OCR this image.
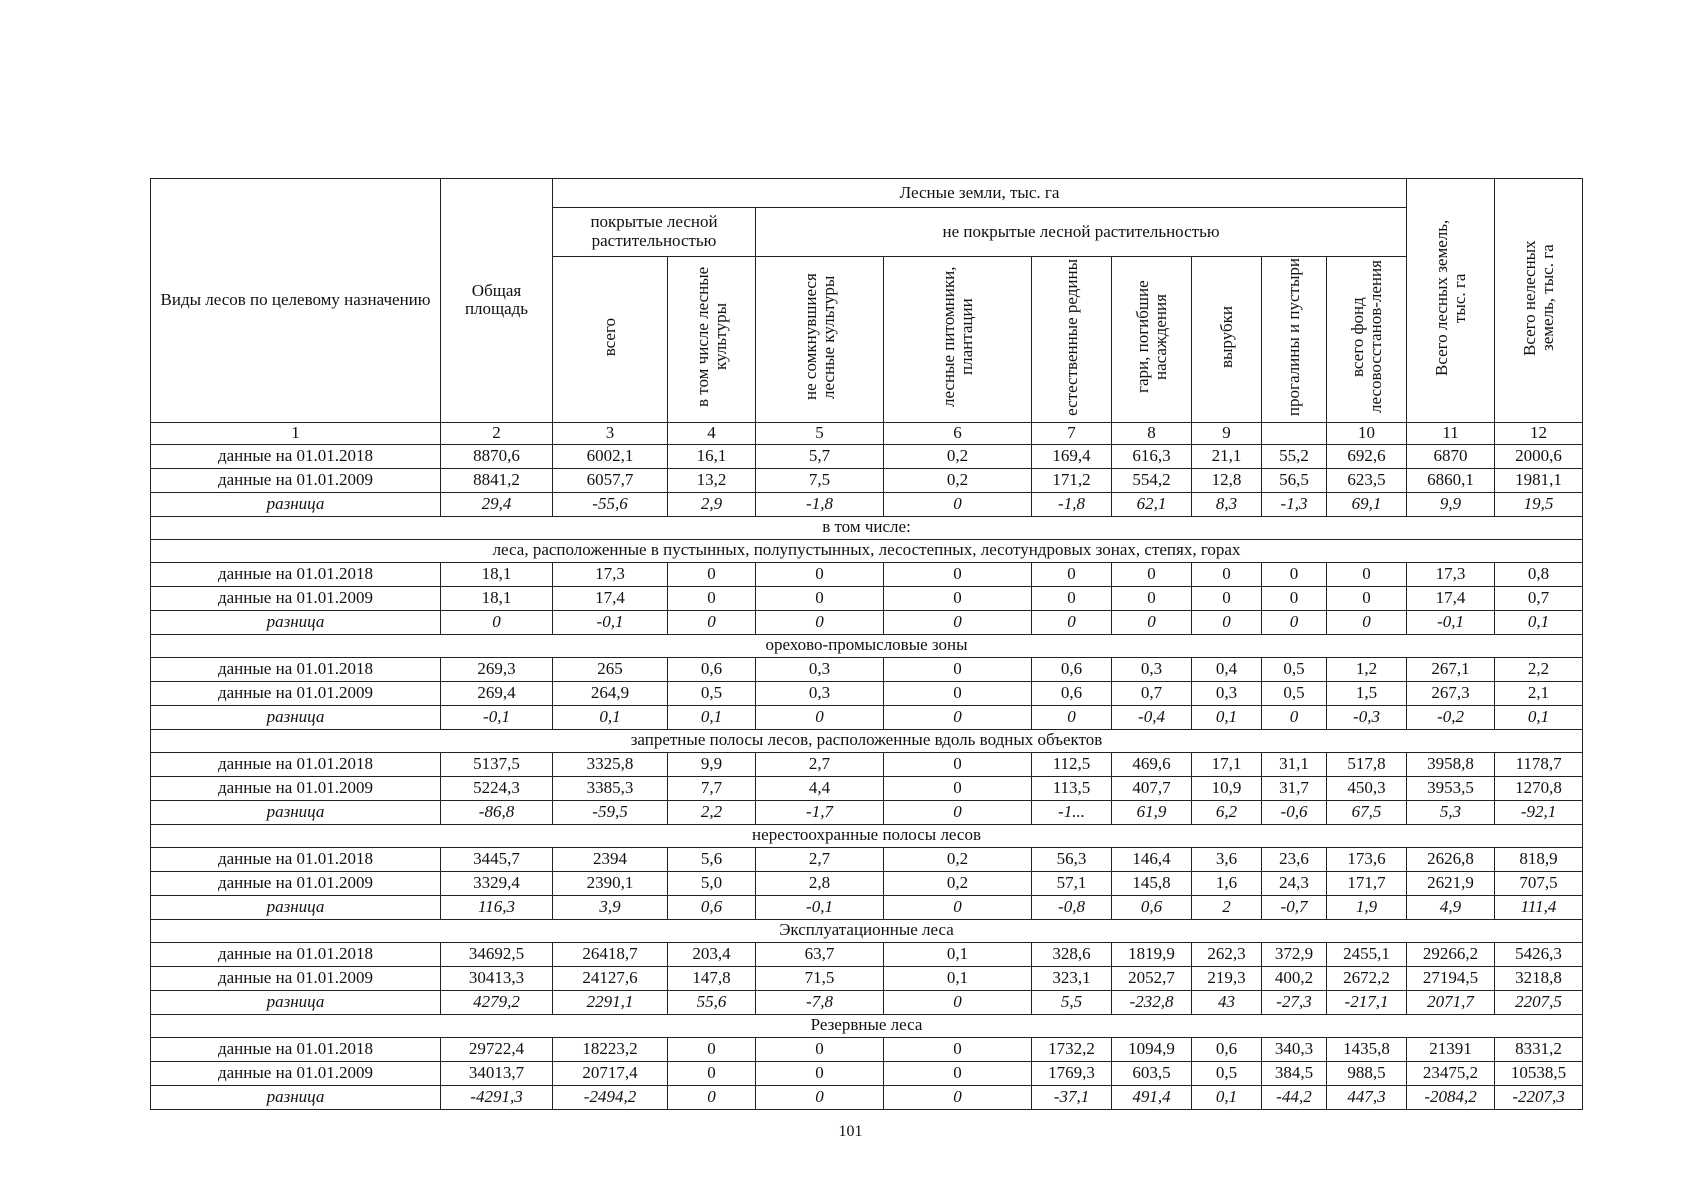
Виды лесов по целевому назначению	Общая площадь	Лесные земли, тыс. га									Всего лесных земель, тыс. га	Всего нелесных земель, тыс. га
		покрытые лесной растительностью		не покрытые лесной растительностью								
		всего	в том числе лесные культуры	не сомкнувшиеся лесные культуры	лесные питомники, плантации	естественные редины	гари, погибшие насаждения	вырубки	прогалины и пустыри	всего фонд лесовосстанов-ления		
1	2	3	4	5	6	7	8	9		10	11	12
данные на 01.01.2018	8870,6	6002,1	16,1	5,7	0,2	169,4	616,3	21,1	55,2	692,6	6870	2000,6
данные на 01.01.2009	8841,2	6057,7	13,2	7,5	0,2	171,2	554,2	12,8	56,5	623,5	6860,1	1981,1
разница	29,4	-55,6	2,9	-1,8	0	-1,8	62,1	8,3	-1,3	69,1	9,9	19,5
в том числе:												
леса, расположенные в пустынных, полупустынных, лесостепных, лесотундровых зонах, степях, горах												
данные на 01.01.2018	18,1	17,3	0	0	0	0	0	0	0	0	17,3	0,8
данные на 01.01.2009	18,1	17,4	0	0	0	0	0	0	0	0	17,4	0,7
разница	0	-0,1	0	0	0	0	0	0	0	0	-0,1	0,1
орехово-промысловые зоны												
данные на 01.01.2018	269,3	265	0,6	0,3	0	0,6	0,3	0,4	0,5	1,2	267,1	2,2
данные на 01.01.2009	269,4	264,9	0,5	0,3	0	0,6	0,7	0,3	0,5	1,5	267,3	2,1
разница	-0,1	0,1	0,1	0	0	0	-0,4	0,1	0	-0,3	-0,2	0,1
запретные полосы лесов, расположенные вдоль водных объектов												
данные на 01.01.2018	5137,5	3325,8	9,9	2,7	0	112,5	469,6	17,1	31,1	517,8	3958,8	1178,7
данные на 01.01.2009	5224,3	3385,3	7,7	4,4	0	113,5	407,7	10,9	31,7	450,3	3953,5	1270,8
разница	-86,8	-59,5	2,2	-1,7	0	-1...	61,9	6,2	-0,6	67,5	5,3	-92,1
нерестоохранные полосы лесов												
данные на 01.01.2018	3445,7	2394	5,6	2,7	0,2	56,3	146,4	3,6	23,6	173,6	2626,8	818,9
данные на 01.01.2009	3329,4	2390,1	5,0	2,8	0,2	57,1	145,8	1,6	24,3	171,7	2621,9	707,5
разница	116,3	3,9	0,6	-0,1	0	-0,8	0,6	2	-0,7	1,9	4,9	111,4
Эксплуатационные леса												
данные на 01.01.2018	34692,5	26418,7	203,4	63,7	0,1	328,6	1819,9	262,3	372,9	2455,1	29266,2	5426,3
данные на 01.01.2009	30413,3	24127,6	147,8	71,5	0,1	323,1	2052,7	219,3	400,2	2672,2	27194,5	3218,8
разница	4279,2	2291,1	55,6	-7,8	0	5,5	-232,8	43	-27,3	-217,1	2071,7	2207,5
Резервные леса												
данные на 01.01.2018	29722,4	18223,2	0	0	0	1732,2	1094,9	0,6	340,3	1435,8	21391	8331,2
данные на 01.01.2009	34013,7	20717,4	0	0	0	1769,3	603,5	0,5	384,5	988,5	23475,2	10538,5
разница	-4291,3	-2494,2	0	0	0	-37,1	491,4	0,1	-44,2	447,3	-2084,2	-2207,3
101
